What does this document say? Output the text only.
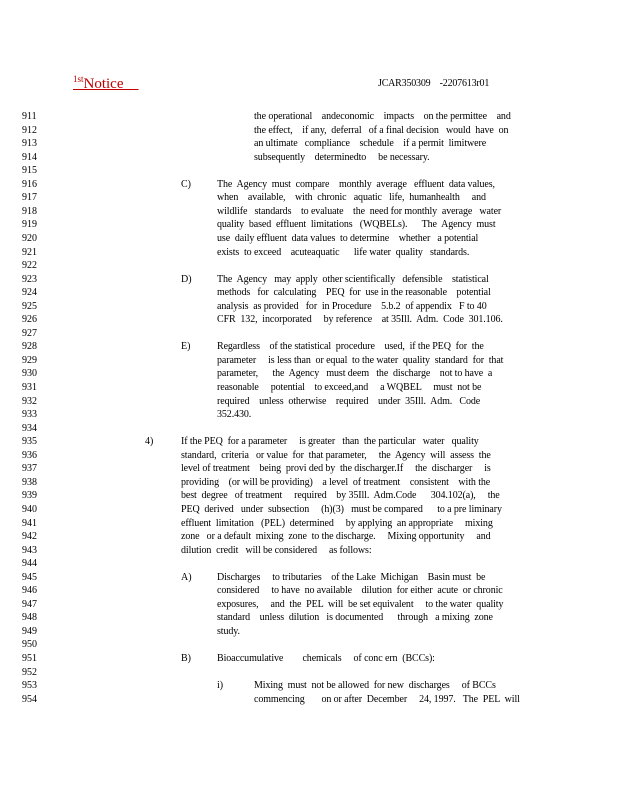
$^{1st}$Notice	JCAR350309    -2207613r01
911	the operational    andeconomic    impacts    on the permittee    and
912	the effect,    if any,  deferral   of a final decision   would  have  on
913	an ultimate   compliance    schedule    if a permit  limitwere
914	subsequently    determinedto     be necessary.
915
916	C)	The  Agency  must  compare    monthly  average   effluent  data values,
917	when    available,    with  chronic   aquatic   life,  humanhealth     and
918	wildlife   standards    to evaluate    the  need for monthly  average   water
919	quality  based  effluent  limitations   (WQBELs).      The  Agency  must
920	use  daily effluent  data values  to determine    whether   a potential
921	exists  to exceed    acuteaquatic      life water  quality   standards.
922
923	D)	The  Agency   may  apply  other scientifically   defensible    statistical
924	methods   for  calculating    PEQ  for  use in the reasonable    potential
925	analysis  as provided   for  in Procedure    5.b.2  of appendix   F to 40
926	CFR  132,  incorporated     by reference    at 35Ill.  Adm.  Code  301.106.
927
928	E)	Regardless    of the statistical  procedure    used,  if the PEQ  for  the
929	parameter     is less than  or equal  to the water  quality  standard  for  that
930	parameter,      the  Agency   must deem   the  discharge    not to have  a
931	reasonable     potential    to exceed,and     a WQBEL     must  not be
932	required    unless  otherwise    required    under  35Ill.  Adm.   Code
933	352.430.
934
935	4)	If the PEQ  for a parameter     is greater   than  the particular   water   quality
936	standard,  criteria   or value  for  that parameter,     the  Agency  will  assess  the
937	level of treatment    being  provi ded by  the discharger.If     the  discharger     is
938	providing    (or will be providing)    a level  of treatment    consistent    with the
939	best  degree   of treatment     required    by 35Ill.  Adm.Code      304.102(a),     the
940	PEQ  derived   under  subsection     (h)(3)   must be compared      to a pre liminary
941	effluent  limitation   (PEL)  determined     by applying  an appropriate     mixing
942	zone   or a default  mixing  zone  to the discharge.     Mixing opportunity     and
943	dilution  credit   will be considered     as follows:
944
945	A)	Discharges     to tributaries    of the Lake  Michigan    Basin must  be
946	considered     to have  no available    dilution  for either  acute  or chronic
947	exposures,     and  the  PEL  will  be set equivalent     to the water  quality
948	standard    unless  dilution   is documented      through   a mixing  zone
949	study.
950
951	B)	Bioaccumulative        chemicals     of conc ern  (BCCs):
952
953	i)	Mixing  must  not be allowed  for new  discharges     of BCCs
954	commencing       on or after  December     24, 1997.   The  PEL  will
